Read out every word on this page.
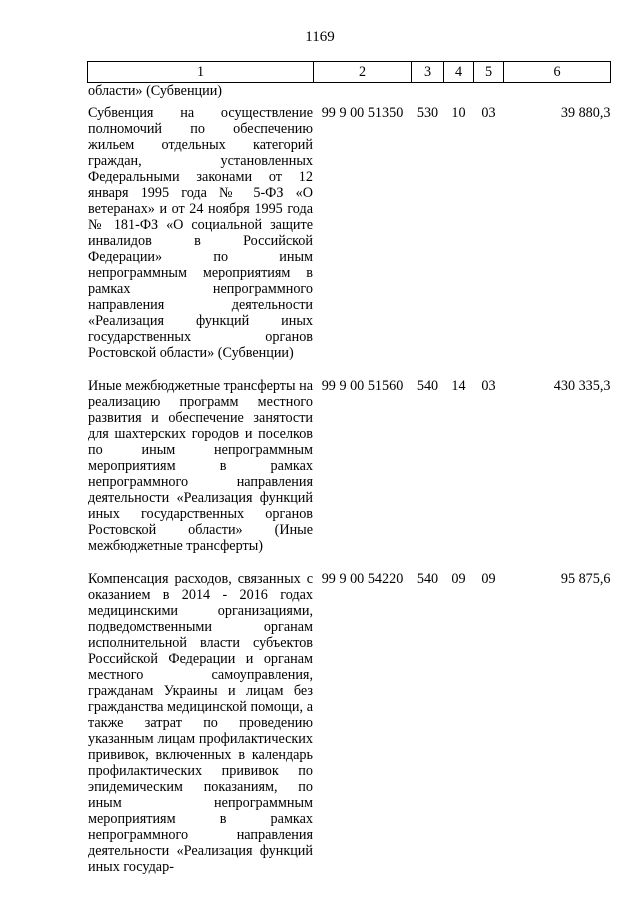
1169
1	2	3	4	5	6
области» (Субвенции)					
Субвенция на осуществление полномочий по обеспечению жильем отдельных категорий граждан, установленных Федеральными законами от 12 января 1995 года № 5-ФЗ «О ветеранах» и от 24 ноября 1995 года № 181-ФЗ «О социальной защите инвалидов в Российской Федерации» по иным непрограммным мероприятиям в рамках непрограммного направления деятельности «Реализация функций иных государственных органов Ростовской области» (Субвенции)	99 9 00 51350	530	10	03	39 880,3
Иные межбюджетные трансферты на реализацию программ местного развития и обеспечение занятости для шахтерских городов и поселков по иным непрограммным мероприятиям в рамках непрограммного направления деятельности «Реализация функций иных государственных органов Ростовской области» (Иные межбюджетные трансферты)	99 9 00 51560	540	14	03	430 335,3
Компенсация расходов, связанных с оказанием в 2014 - 2016 годах медицинскими организациями, подведомственными органам исполнительной власти субъектов Российской Федерации и органам местного самоуправления, гражданам Украины и лицам без гражданства медицинской помощи, а также затрат по проведению указанным лицам профилактических прививок, включенных в календарь профилактических прививок по эпидемическим показаниям, по иным непрограммным мероприятиям в рамках непрограммного направления деятельности «Реализация функций иных государ-	99 9 00 54220	540	09	09	95 875,6
